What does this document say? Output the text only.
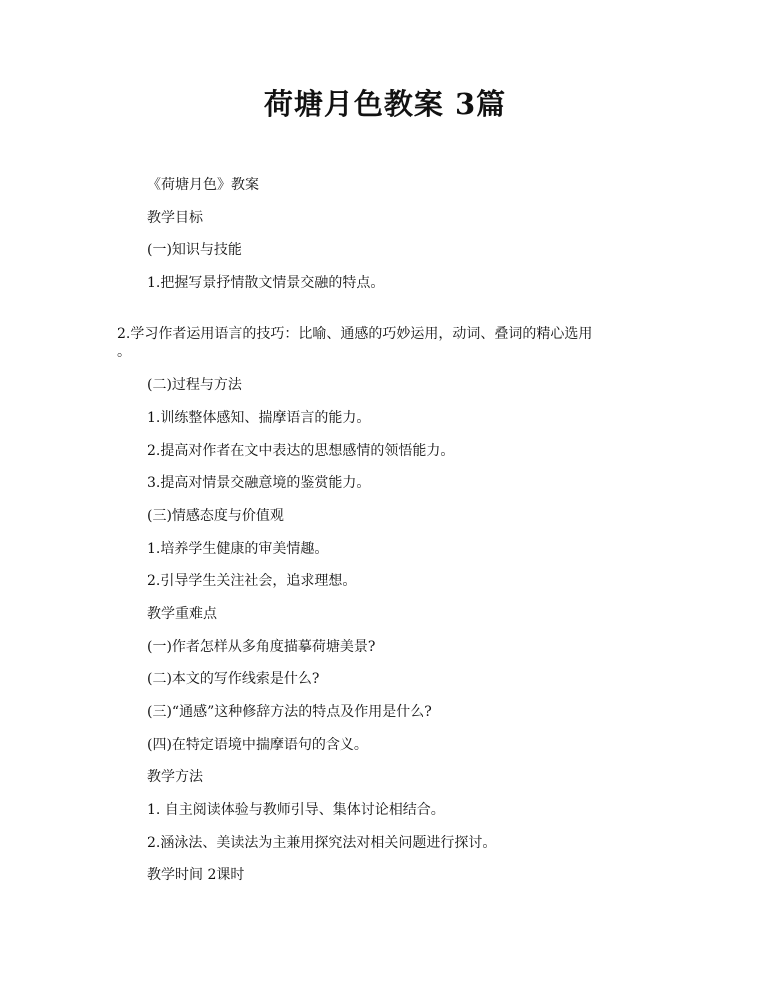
荷塘月色教案 3篇
《荷塘月色》教案
教学目标
(一)知识与技能
1.把握写景抒情散文情景交融的特点。
2.学习作者运用语言的技巧：比喻、通感的巧妙运用，动词、叠词的精心选用
。
(二)过程与方法
1.训练整体感知、揣摩语言的能力。
2.提高对作者在文中表达的思想感情的领悟能力。
3.提高对情景交融意境的鉴赏能力。
(三)情感态度与价值观
1.培养学生健康的审美情趣。
2.引导学生关注社会，追求理想。
教学重难点
(一)作者怎样从多角度描摹荷塘美景?
(二)本文的写作线索是什么?
(三)“通感”这种修辞方法的特点及作用是什么?
(四)在特定语境中揣摩语句的含义。
教学方法
1. 自主阅读体验与教师引导、集体讨论相结合。
2.涵泳法、美读法为主兼用探究法对相关问题进行探讨。
教学时间 2课时
